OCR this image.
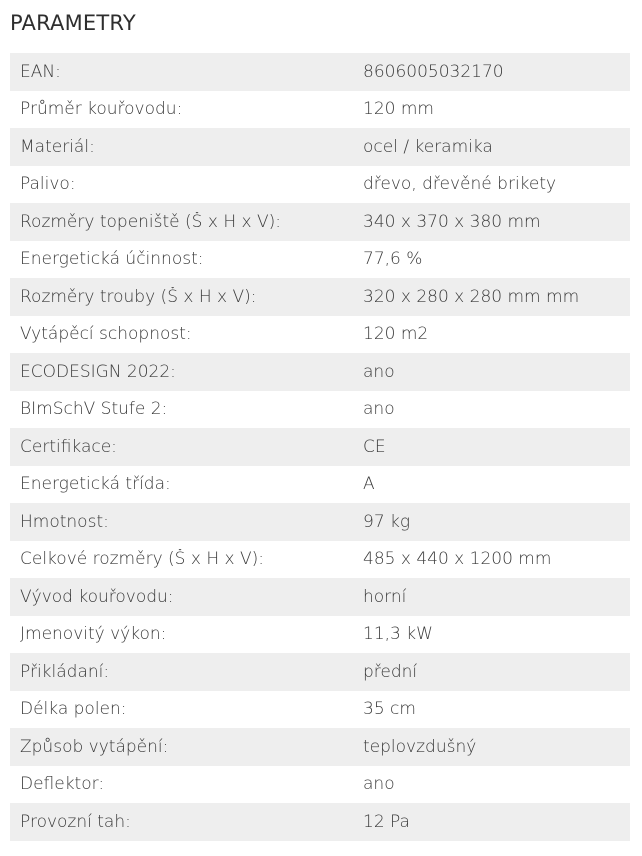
PARAMETRY
EAN:	8606005032170
Průměr kouřovodu:	120 mm
Materiál:	ocel / keramika
Palivo:	dřevo, dřevěné brikety
Rozměry topeniště (Š x H x V):	340 x 370 x 380 mm
Energetická účinnost:	77,6 %
Rozměry trouby (Š x H x V):	320 x 280 x 280 mm mm
Vytápěcí schopnost:	120 m2
ECODESIGN 2022:	ano
BImSchV Stufe 2:	ano
Certifikace:	CE
Energetická třída:	A
Hmotnost:	97 kg
Celkové rozměry (Š x H x V):	485 x 440 x 1200 mm
Vývod kouřovodu:	horní
Jmenovitý výkon:	11,3 kW
Přikládaní:	přední
Délka polen:	35 cm
Způsob vytápění:	teplovzdušný
Deflektor:	ano
Provozní tah:	12 Pa
